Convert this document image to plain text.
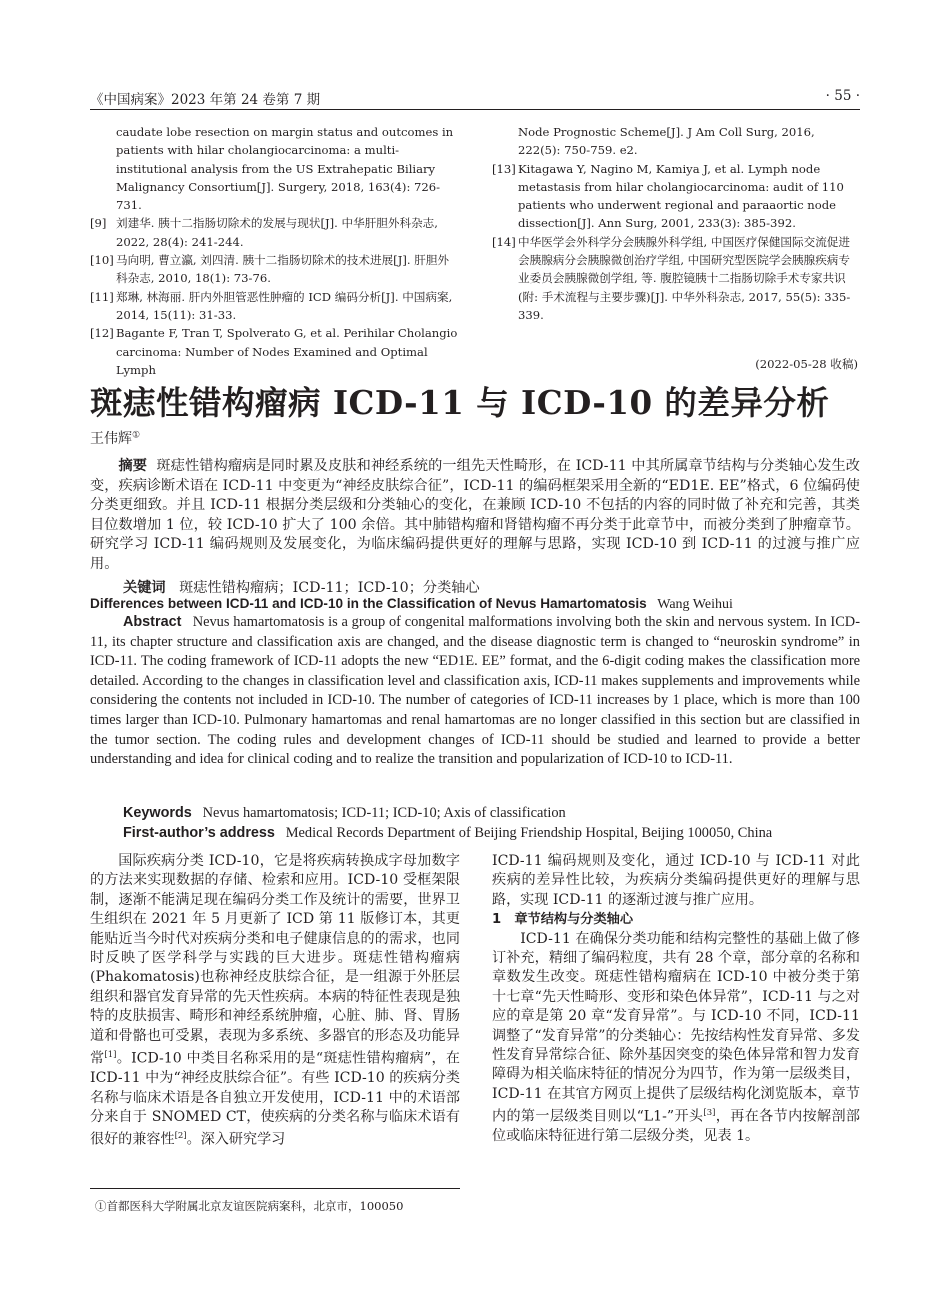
《中国病案》2023 年第 24 卷第 7 期	· 55 ·
caudate lobe resection on margin status and outcomes in patients with hilar cholangiocarcinoma: a multi-institutional analysis from the US Extrahepatic Biliary Malignancy Consortium[J]. Surgery, 2018, 163(4): 726-731.
[9] 刘建华. 胰十二指肠切除术的发展与现状[J]. 中华肝胆外科杂志, 2022, 28(4): 241-244.
[10] 马向明, 曹立瀛, 刘四清. 胰十二指肠切除术的技术进展[J]. 肝胆外科杂志, 2010, 18(1): 73-76.
[11] 郑琳, 林海丽. 肝内外胆管恶性肿瘤的 ICD 编码分析[J]. 中国病案, 2014, 15(11): 31-33.
[12] Bagante F, Tran T, Spolverato G, et al. Perihilar Cholangio carcinoma: Number of Nodes Examined and Optimal Lymph
Node Prognostic Scheme[J]. J Am Coll Surg, 2016, 222(5): 750-759. e2.
[13] Kitagawa Y, Nagino M, Kamiya J, et al. Lymph node metastasis from hilar cholangiocarcinoma: audit of 110 patients who underwent regional and paraaortic node dissection[J]. Ann Surg, 2001, 233(3): 385-392.
[14] 中华医学会外科学分会胰腺外科学组, 中国医疗保健国际交流促进会胰腺病分会胰腺微创治疗学组, 中国研究型医院学会胰腺疾病专业委员会胰腺微创学组, 等. 腹腔镜胰十二指肠切除手术专家共识(附: 手术流程与主要步骤)[J]. 中华外科杂志, 2017, 55(5): 335-339.
(2022-05-28 收稿)
斑痣性错构瘤病 ICD-11 与 ICD-10 的差异分析
王伟辉①
摘要 斑痣性错构瘤病是同时累及皮肤和神经系统的一组先天性畸形，在 ICD-11 中其所属章节结构与分类轴心发生改变，疾病诊断术语在 ICD-11 中变更为“神经皮肤综合征”，ICD-11 的编码框架采用全新的“ED1E. EE”格式，6 位编码使分类更细致。并且 ICD-11 根据分类层级和分类轴心的变化，在兼顾 ICD-10 不包括的内容的同时做了补充和完善，其类目位数增加 1 位，较 ICD-10 扩大了 100 余倍。其中肺错构瘤和肾错构瘤不再分类于此章节中，而被分类到了肿瘤章节。研究学习 ICD-11 编码规则及发展变化，为临床编码提供更好的理解与思路，实现 ICD-10 到 ICD-11 的过渡与推广应用。
关键词 斑痣性错构瘤病；ICD-11；ICD-10；分类轴心
Differences between ICD-11 and ICD-10 in the Classification of Nevus Hamartomatosis Wang Weihui
Abstract Nevus hamartomatosis is a group of congenital malformations involving both the skin and nervous system. In ICD-11, its chapter structure and classification axis are changed, and the disease diagnostic term is changed to “neuroskin syndrome” in ICD-11. The coding framework of ICD-11 adopts the new “ED1E. EE” format, and the 6-digit coding makes the classification more detailed. According to the changes in classification level and classification axis, ICD-11 makes supplements and improvements while considering the contents not included in ICD-10. The number of categories of ICD-11 increases by 1 place, which is more than 100 times larger than ICD-10. Pulmonary hamartomas and renal hamartomas are no longer classified in this section but are classified in the tumor section. The coding rules and development changes of ICD-11 should be studied and learned to provide a better understanding and idea for clinical coding and to realize the transition and popularization of ICD-10 to ICD-11.
Keywords Nevus hamartomatosis; ICD-11; ICD-10; Axis of classification
First-author’s address Medical Records Department of Beijing Friendship Hospital, Beijing 100050, China

国际疾病分类 ICD-10，它是将疾病转换成字母加数字的方法来实现数据的存储、检索和应用。ICD-10 受框架限制，逐渐不能满足现在编码分类工作及统计的需要，世界卫生组织在 2021 年 5 月更新了 ICD 第 11 版修订本，其更能贴近当今时代对疾病分类和电子健康信息的的需求，也同时反映了医学科学与实践的巨大进步。斑痣性错构瘤病(Phakomatosis)也称神经皮肤综合征，是一组源于外胚层组织和器官发育异常的先天性疾病。本病的特征性表现是独特的皮肤损害、畸形和神经系统肿瘤，心脏、肺、肾、胃肠道和骨骼也可受累，表现为多系统、多器官的形态及功能异常[1]。ICD-10 中类目名称采用的是“斑痣性错构瘤病”，在 ICD-11 中为“神经皮肤综合征”。有些 ICD-10 的疾病分类名称与临床术语是各自独立开发使用，ICD-11 中的术语部分来自于 SNOMED CT，使疾病的分类名称与临床术语有很好的兼容性[2]。深入研究学习

ICD-11 编码规则及变化，通过 ICD-10 与 ICD-11 对此疾病的差异性比较，为疾病分类编码提供更好的理解与思路，实现 ICD-11 的逐渐过渡与推广应用。

1　章节结构与分类轴心

ICD-11 在确保分类功能和结构完整性的基础上做了修订补充，精细了编码粒度，共有 28 个章，部分章的名称和章数发生改变。斑痣性错构瘤病在 ICD-10 中被分类于第十七章“先天性畸形、变形和染色体异常”，ICD-11 与之对应的章是第 20 章“发育异常”。与 ICD-10 不同，ICD-11 调整了“发育异常”的分类轴心：先按结构性发育异常、多发性发育异常综合征、除外基因突变的染色体异常和智力发育障碍为相关临床特征的情况分为四节，作为第一层级类目，ICD-11 在其官方网页上提供了层级结构化浏览版本，章节内的第一层级类目则以“L1-”开头[3]，再在各节内按解剖部位或临床特征进行第二层级分类，见表 1。

①首都医科大学附属北京友谊医院病案科，北京市，100050
